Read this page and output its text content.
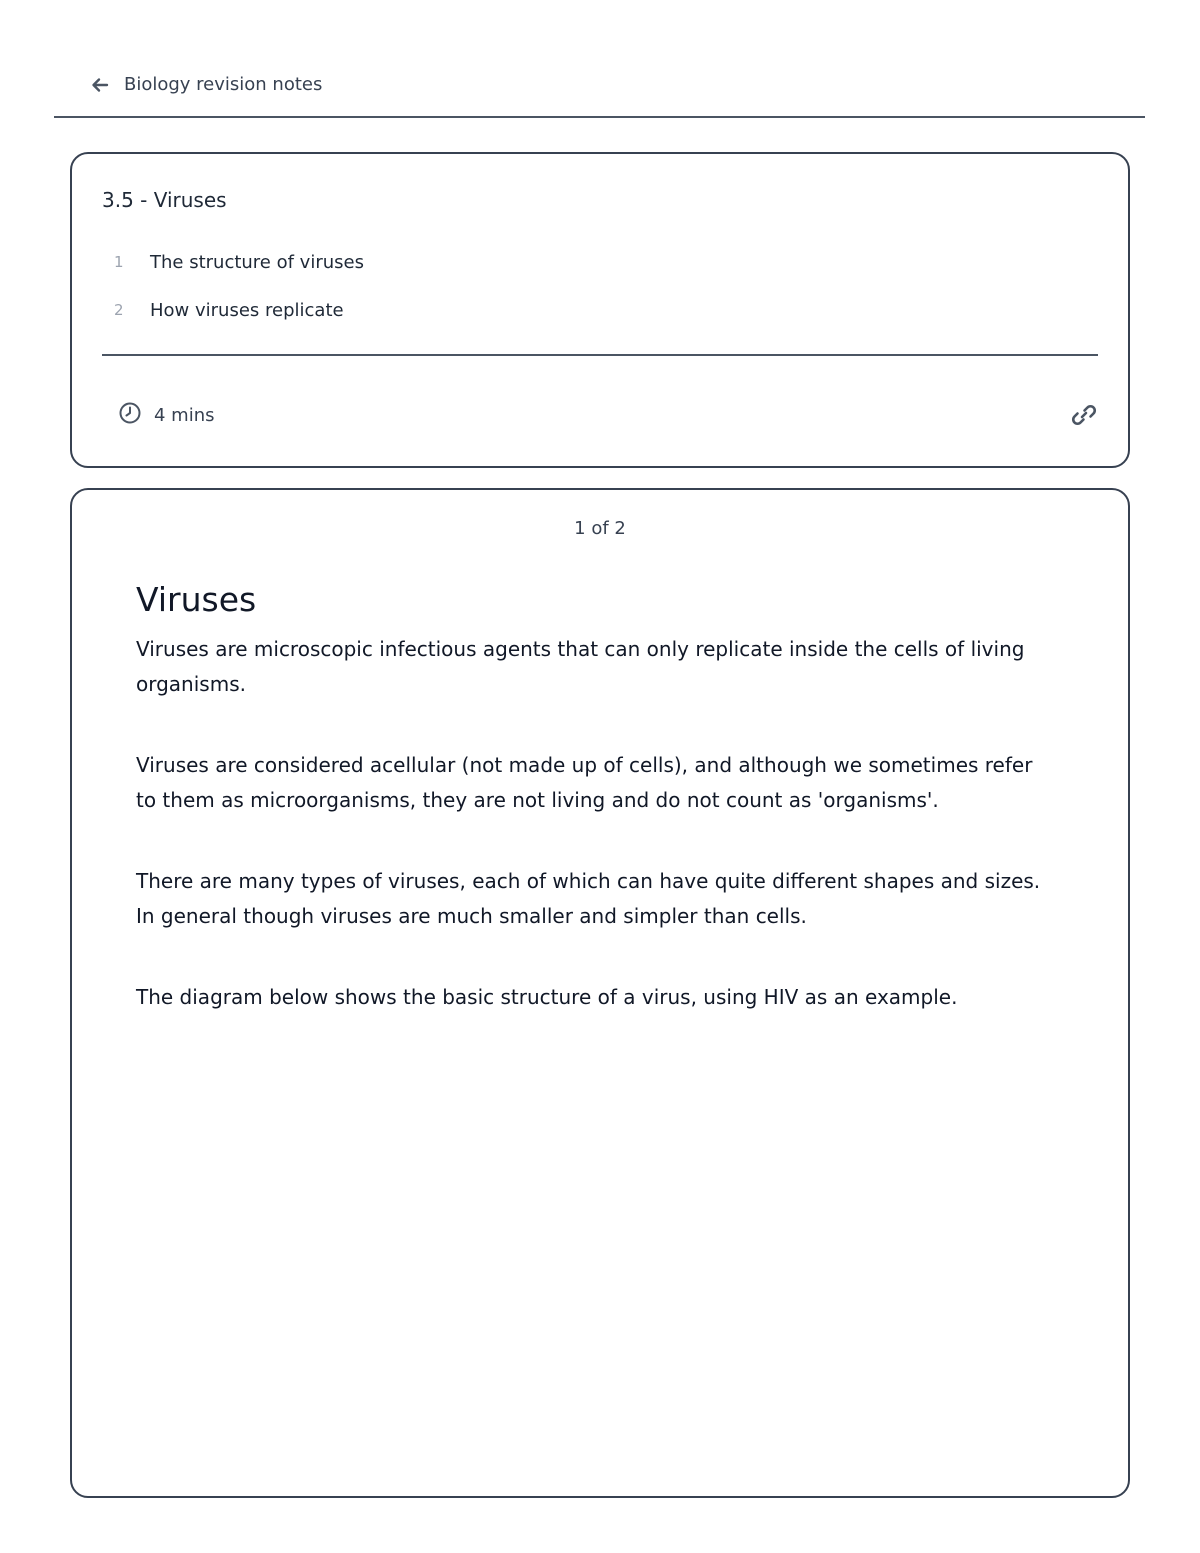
Biology revision notes
3.5 - Viruses
1	The structure of viruses
2	How viruses replicate
4 mins
1 of 2
Viruses

Viruses are microscopic infectious agents that can only replicate inside the cells of living organisms.

Viruses are considered acellular (not made up of cells), and although we sometimes refer to them as microorganisms, they are not living and do not count as 'organisms'.

There are many types of viruses, each of which can have quite different shapes and sizes. In general though viruses are much smaller and simpler than cells.

The diagram below shows the basic structure of a virus, using HIV as an example.
